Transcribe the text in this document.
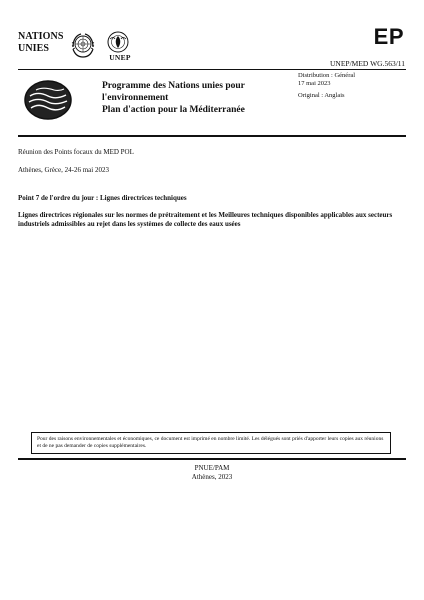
NATIONS
UNIES
UNEP
EP
UNEP/MED WG.563/11
Programme des Nations unies pour
l'environnement
Plan d'action pour la Méditerranée
Distribution : Général
17 mai 2023
Original : Anglais
Réunion des Points focaux du MED POL
Athènes, Grèce, 24-26 mai 2023
Point 7 de l'ordre du jour : Lignes directrices techniques
Lignes directrices régionales sur les normes de prétraitement et les Meilleures techniques disponibles applicables aux secteurs industriels admissibles au rejet dans les systèmes de collecte des eaux usées
Pour des raisons environnementales et économiques, ce document est imprimé en nombre limité. Les délégués sont priés d'apporter leurs copies aux réunions et de ne pas demander de copies supplémentaires.
PNUE/PAM
Athènes, 2023
